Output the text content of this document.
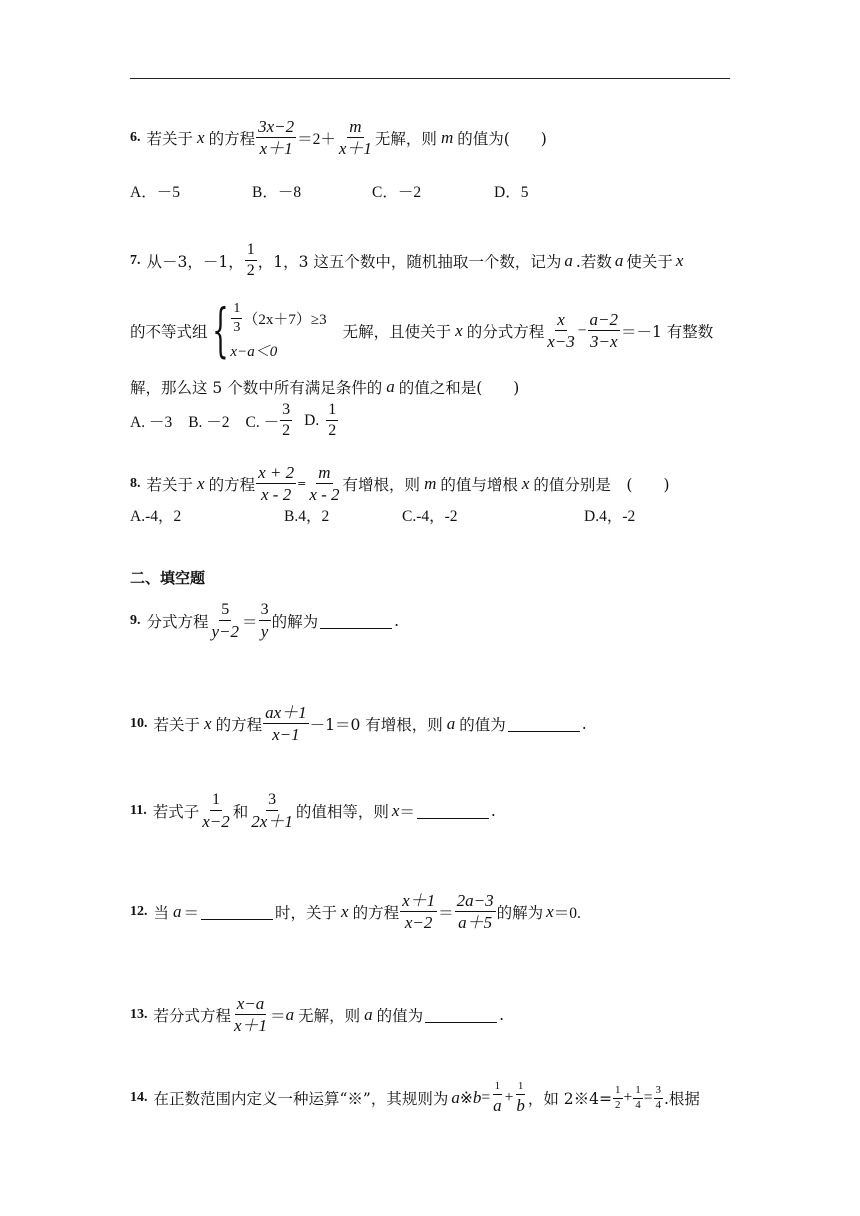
6. 若关于 x 的方程 $\frac{3x-2}{x+1} =2+ \frac{m}{x+1}$ 无解，则 m 的值为(　　)
A．－5	B．－8	C．－2	D．5
7. 从－3，－1， $\frac{1}{2}$ ，1，3 这五个数中，随机抽取一个数，记为 a .若数 a 使关于 x
的不等式组 { $\frac{1}{3} (2x+7)\ge 3$
x−a＜0
无解，且使关于 x 的分式方程 $\frac{x}{x-3} - \frac{a-2}{3-x} =-1$ 有整数
解，那么这 5 个数中所有满足条件的 a 的值之和是(　　)
A. －3 B. －2 C. － $\frac{3}{2} D$. $\frac{1}{2}$
8. 若关于 x 的方程 $\frac{x + 2}{x - 2} = \frac{m}{x - 2}$ 有增根，则 m 的值与增根 x 的值分别是　(　　)
A.-4，2	B.4，2	C.-4，-2	D.4，-2
二、填空题
9. 分式方程 $\frac{5}{y-2} = \frac{3}{y}$ 的解为	.
10. 若关于 x 的方程 $\frac{ax+1}{x-1} -1=0$ 有增根，则 a 的值为	.
11. 若式子 $\frac{1}{x-2}$ 和 $\frac{3}{2x+1}$ 的值相等，则 x ＝	.
12. 当 a ＝	时，关于 x 的方程 $\frac{x+1}{x-2} = \frac{2a-3}{a+5}$ 的解为 x ＝0.
13. 若分式方程 $\frac{x-a}{x+1} = a$ 无解，则 a 的值为	.
14. 在正数范围内定义一种运算“※”，其规则为 a ※ $b = \frac{1}{a} + \frac{1}{b}$ ，如 2※4= $\frac{1}{2} + \frac{1}{4} = \frac{3}{4}$ .根据
